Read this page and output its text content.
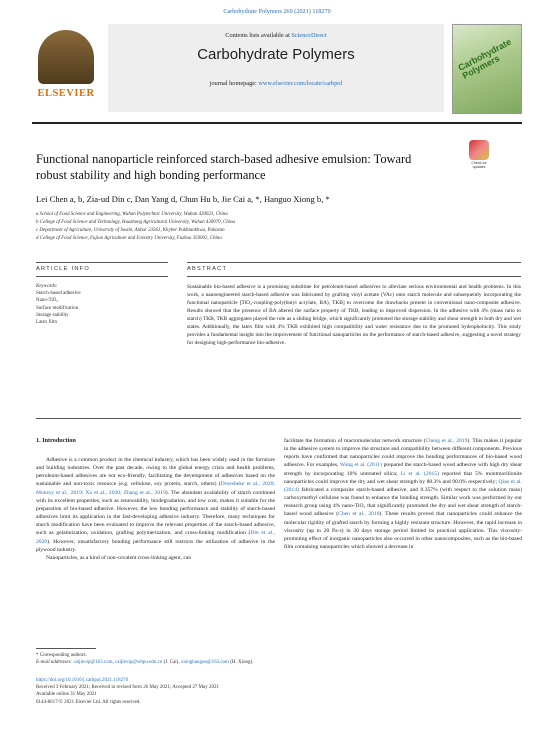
Carbohydrate Polymers 269 (2021) 118270
ELSEVIER
Contents lists available at ScienceDirect
Carbohydrate Polymers
journal homepage: www.elsevier.com/locate/carbpol
Carbohydrate Polymers
Functional nanoparticle reinforced starch-based adhesive emulsion: Toward robust stability and high bonding performance
Check for updates
Lei Chen a, b, Zia-ud Din c, Dan Yang d, Chun Hu b, Jie Cai a, *, Hanguo Xiong b, *
a School of Food Science and Engineering, Wuhan Polytechnic University, Wuhan 430023, China
b College of Food Science and Technology, Huazhong Agricultural University, Wuhan 430070, China
c Department of Agriculture, University of Swabi, Anbar 23561, Khyber Pakhtunkhwa, Pakistan
d College of Food Science, Fujian Agriculture and Forestry University, Fuzhou 350002, China
ARTICLE INFO	ABSTRACT
Keywords:
Starch-based adhesive
Nano-TiO₂
Surface modification
Storage stability
Latex film
Sustainable bio-based adhesive is a promising substitute for petroleum-based adhesives to alleviate serious environmental and health problems. In this work, a nanoengineered starch-based adhesive was fabricated by grafting vinyl acetate (VAc) onto starch molecule and subsequently incorporating the functional nanoparticle [TiO₂-coupling-poly(butyl acrylate, BA), TKB] to overcome the drawbacks present in conventional nano-composite adhesive. Results showed that the presence of BA altered the surface property of TKB, leading to improved dispersion. In the adhesive with 4% (mass ratio to starch) TKB, TKB aggregates played the role as a sliding bridge, which significantly promoted the storage stability and shear strength in both dry and wet states. Additionally, the latex film with 4% TKB exhibited high compatibility and water resistance due to the promoted hydrophobicity. This study provides a fundamental insight into the improvement of functional nanoparticles on the performance of starch-based adhesive, suggesting a novel strategy for designing high-performance bio-adhesive.
1. Introduction

Adhesive is a common product in the chemical industry, which has been widely used in the furniture and building industries. Over the past decade, owing to the global energy crisis and health problems, petroleum-based adhesives are not eco-friendly, facilitating the development of adhesives based on the sustainable and non-toxic resource (e.g. cellulose, soy protein, starch, others) (Droesbeke et al., 2020; Monroy et al., 2019; Xu et al., 2020; Zhang et al., 2019). The abundant availability of starch combined with its excellent properties, such as renewability, biodegradation, and low cost, makes it suitable for the preparation of bio-based adhesive. However, the low bonding performance and stability of starch-based adhesives limit its application in the fast-developing adhesive industry. Therefore, many techniques for starch modification have been evaluated to improve the relevant properties of the starch-based adhesive, such as gelatinization, oxidation, grafting polymerization, and cross-linking modification (Din et al., 2020). However, unsatisfactory bonding performance still restricts the utilization of adhesive in the plywood industry.

Nanoparticles, as a kind of non-covalent cross-linking agent, can

facilitate the formation of macromolecular network structure (Cheng et al., 2019). This makes it popular in the adhesive system to improve the structure and compatibility between different components. Previous reports have confirmed that nanoparticles could improve the bonding performances of bio-based wood adhesive. For examples, Wang et al. (2011) prepared the starch-based wood adhesive with high dry shear strength by incorporating 10% untreated silica; Li et al. (2015) reported that 5% montmorillonite nanoparticles could improve the dry and wet shear strength by 80.3% and 90.0% respectively; Qiao et al. (2014) fabricated a composite starch-based adhesive, and 0.357% (with respect to the solution mass) carboxymethyl cellulose was found to enhance the bonding strength. Similar work was performed by our research group using 4% nano-TiO₂ that significantly promoted the dry and wet shear strength of starch-based wood adhesive (Chen et al., 2018). These results proved that nanoparticles could enhance the molecular rigidity of grafted starch by forming a highly resistant structure. However, the rapid increase in viscosity (up to 20 Pa·s) in 30 days storage period limited its practical application. This viscosity-promoting effect of inorganic nanoparticles also occurred in other nanocomposites, such as the bio-based film containing nanoparticles which showed a decrease in

* Corresponding authors.
E-mail addresses: caijievip@163.com, caijievip@whpu.edu.cn (J. Cai), xionghanguo@163.com (H. Xiong).
https://doi.org/10.1016/j.carbpol.2021.118270
Received 3 February 2021; Received in revised form 26 May 2021; Accepted 27 May 2021
Available online 31 May 2021
0144-8617/© 2021 Elsevier Ltd. All rights reserved.
